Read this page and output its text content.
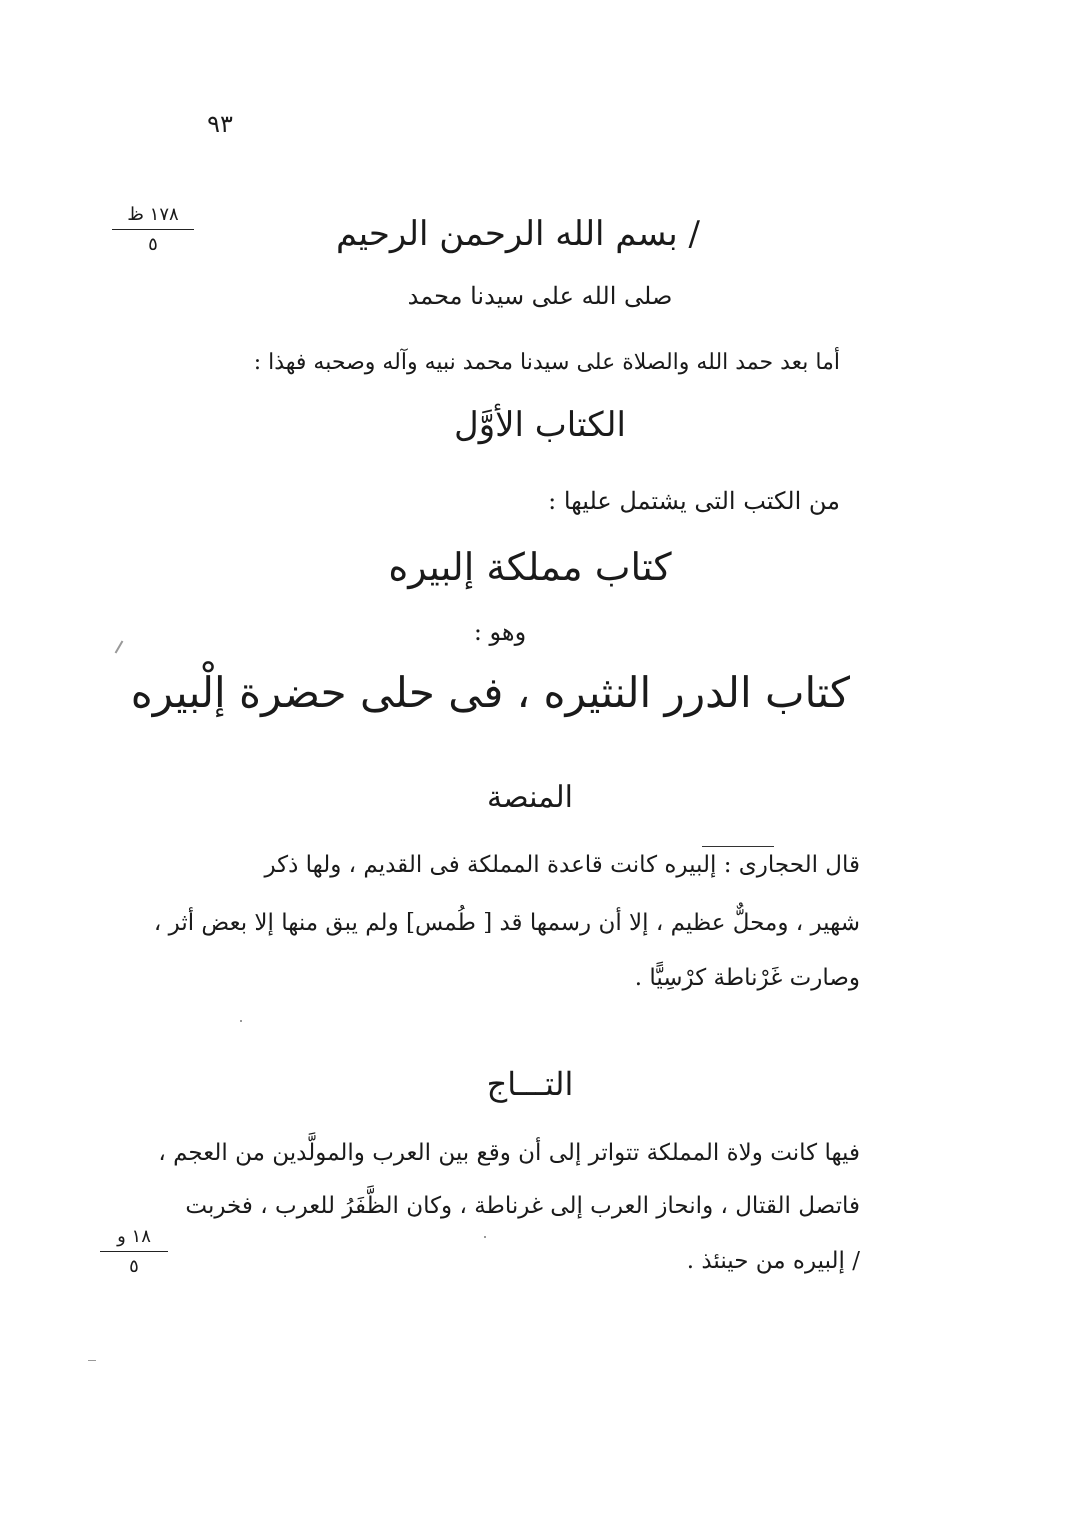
٩٣
١٧٨ ظ
٥	/ بسم الله الرحمن الرحيم
صلى الله على سيدنا محمد
أما بعد حمد الله والصلاة على سيدنا محمد نبيه وآله وصحبه فهذا :
الكتاب الأوَّل
من الكتب التى يشتمل عليها :
كتاب مملكة إلبيره
وهو :
كتاب الدرر النثيره ، فى حلى حضرة إلْبيره
المنصة
قال الحجارى : إلبيره كانت قاعدة المملكة فى القديم ، ولها ذكر
شهير ، ومحلٌّ عظيم ، إلا أن رسمها قد [ طُمس] ولم يبق منها إلا بعض أثر ،
وصارت غَرْناطة كرْسِيًّا .
التـــاج
فيها كانت ولاة المملكة تتواتر إلى أن وقع بين العرب والمولَّدين من العجم ،
فاتصل القتال ، وانحاز العرب إلى غرناطة ، وكان الظَّفَرُ للعرب ، فخربت
/ إلبيره من حينئذ .
١٨ و
٥
